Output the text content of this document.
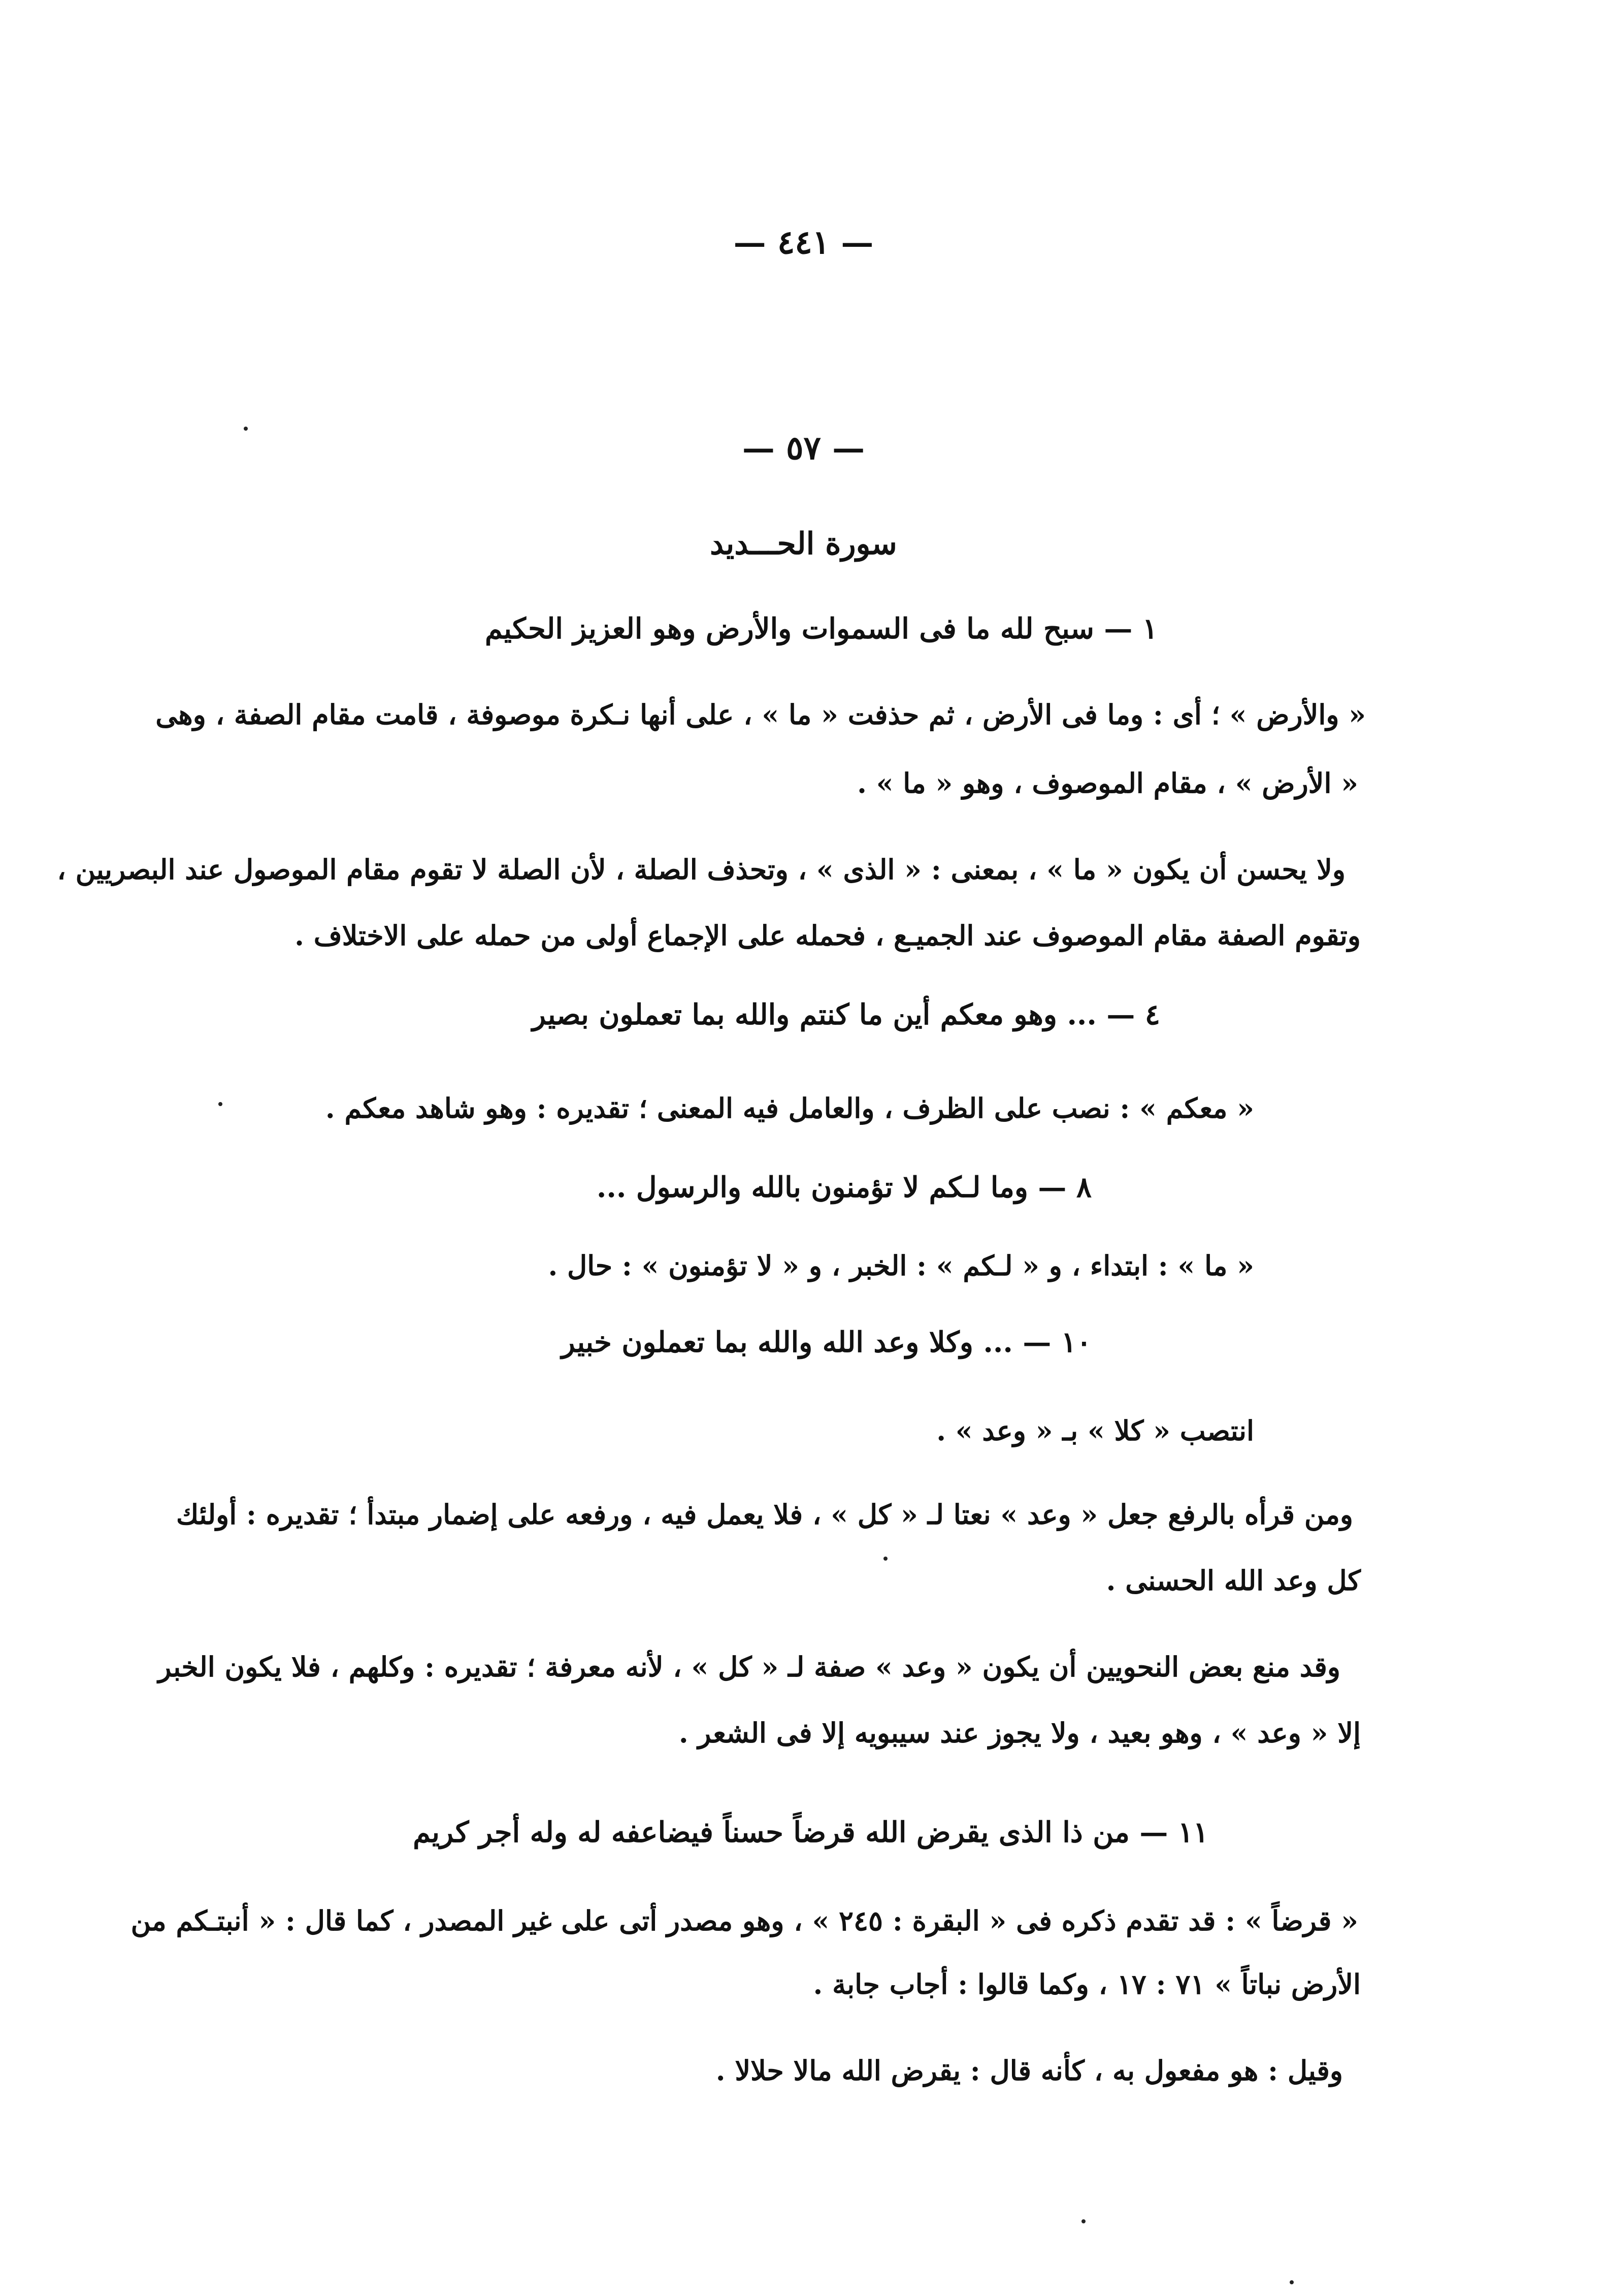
— ٤٤١ —
— ٥٧ —
سورة الحـــديد
١ — سبح لله ما فى السموات والأرض وهو العزيز الحكيم
« والأرض » ؛ أى : وما فى الأرض ، ثم حذفت « ما » ، على أنها نـكرة موصوفة ، قامت مقام الصفة ، وهى
« الأرض » ، مقام الموصوف ، وهو « ما » .
ولا يحسن أن يكون « ما » ، بمعنى : « الذى » ، وتحذف الصلة ، لأن الصلة لا تقوم مقام الموصول عند البصريين ،
وتقوم الصفة مقام الموصوف عند الجميـع ، فحمله على الإجماع أولى من حمله على الاختلاف .
٤ — ... وهو معكم أين ما كنتم والله بما تعملون بصير
« معكم » : نصب على الظرف ، والعامل فيه المعنى ؛ تقديره : وهو شاهد معكم .
٨ — وما لـكم لا تؤمنون بالله والرسول ...
« ما » : ابتداء ، و « لـكم » : الخبر ، و « لا تؤمنون » : حال .
١٠ — ... وكلا وعد الله والله بما تعملون خبير
انتصب « كلا » بـ « وعد » .
ومن قرأه بالرفع جعل « وعد » نعتا لـ « كل » ، فلا يعمل فيه ، ورفعه على إضمار مبتدأ ؛ تقديره : أولئك
كل وعد الله الحسنى .
وقد منع بعض النحويين أن يكون « وعد » صفة لـ « كل » ، لأنه معرفة ؛ تقديره : وكلهم ، فلا يكون الخبر
إلا « وعد » ، وهو بعيد ، ولا يجوز عند سيبويه إلا فى الشعر .
١١ — من ذا الذى يقرض الله قرضاً حسناً فيضاعفه له وله أجر كريم
« قرضاً » : قد تقدم ذكره فى « البقرة : ٢٤٥ » ، وهو مصدر أتى على غير المصدر ، كما قال : « أنبتـكم من
الأرض نباتاً » ٧١ : ١٧ ، وكما قالوا : أجاب جابة .
وقيل : هو مفعول به ، كأنه قال : يقرض الله مالا حلالا .
